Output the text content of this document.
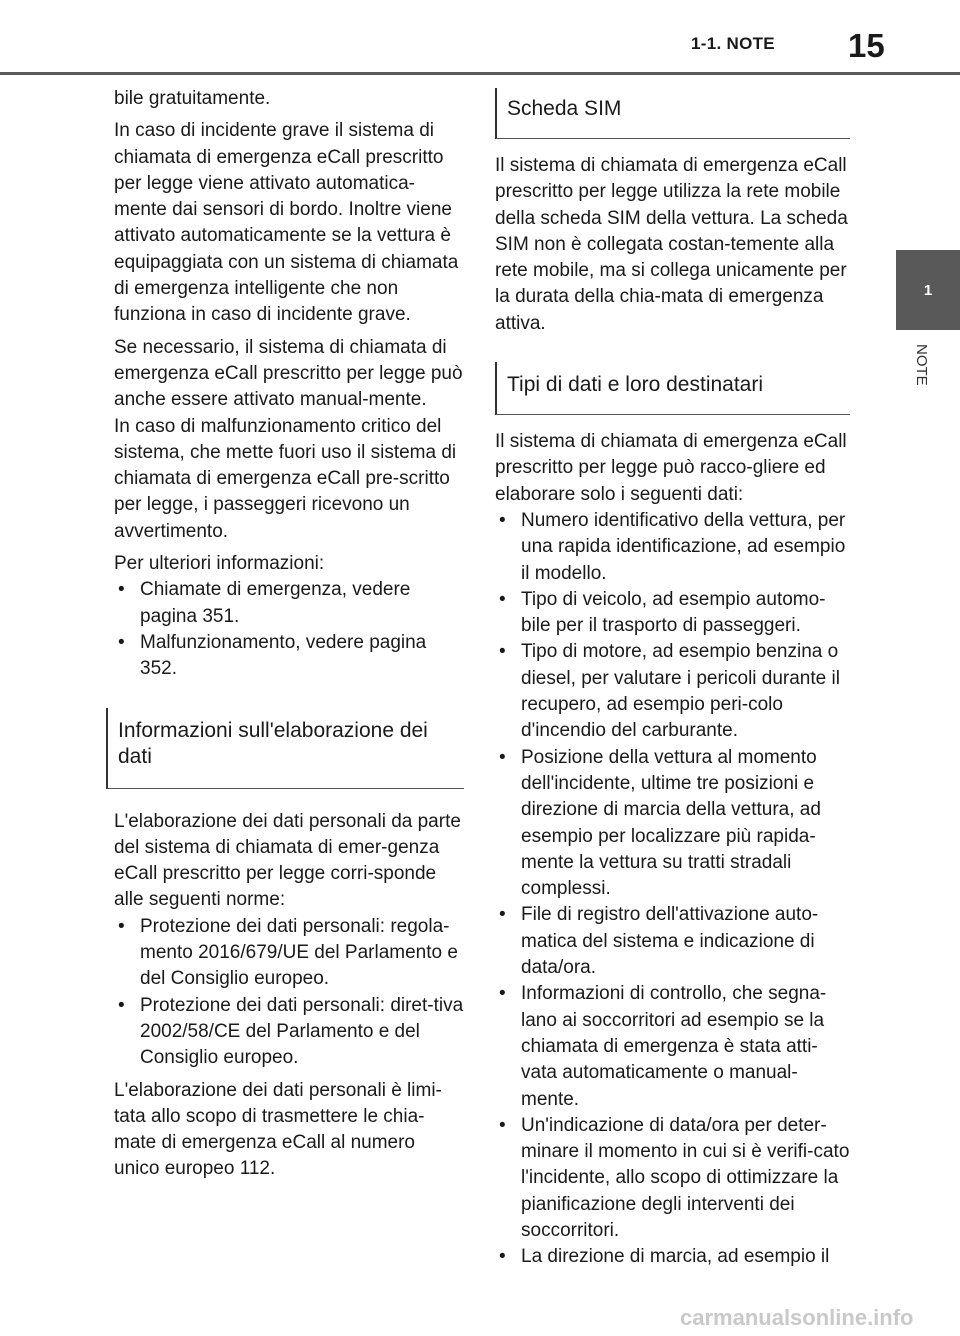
1-1. NOTE 15
1
NOTE

bile gratuitamente.

In caso di incidente grave il sistema di chiamata di emergenza eCall prescritto per legge viene attivato automatica-mente dai sensori di bordo. Inoltre viene attivato automaticamente se la vettura è equipaggiata con un sistema di chiamata di emergenza intelligente che non funziona in caso di incidente grave.

Se necessario, il sistema di chiamata di emergenza eCall prescritto per legge può anche essere attivato manual-mente.

In caso di malfunzionamento critico del sistema, che mette fuori uso il sistema di chiamata di emergenza eCall pre-scritto per legge, i passeggeri ricevono un avvertimento.

Per ulteriori informazioni:

• Chiamate di emergenza, vedere pagina 351.
• Malfunzionamento, vedere pagina 352.
Informazioni sull'elaborazione dei dati

L'elaborazione dei dati personali da parte del sistema di chiamata di emer-genza eCall prescritto per legge corri-sponde alle seguenti norme:

• Protezione dei dati personali: regola-mento 2016/679/UE del Parlamento e del Consiglio europeo.
• Protezione dei dati personali: diret-tiva 2002/58/CE del Parlamento e del Consiglio europeo.

L'elaborazione dei dati personali è limi-tata allo scopo di trasmettere le chia-mate di emergenza eCall al numero unico europeo 112.

Scheda SIM

Il sistema di chiamata di emergenza eCall prescritto per legge utilizza la rete mobile della scheda SIM della vettura. La scheda SIM non è collegata costan-temente alla rete mobile, ma si collega unicamente per la durata della chia-mata di emergenza attiva.

Tipi di dati e loro destinatari

Il sistema di chiamata di emergenza eCall prescritto per legge può racco-gliere ed elaborare solo i seguenti dati:

• Numero identificativo della vettura, per una rapida identificazione, ad esempio il modello.
• Tipo di veicolo, ad esempio automo-bile per il trasporto di passeggeri.
• Tipo di motore, ad esempio benzina o diesel, per valutare i pericoli durante il recupero, ad esempio peri-colo d'incendio del carburante.
• Posizione della vettura al momento dell'incidente, ultime tre posizioni e direzione di marcia della vettura, ad esempio per localizzare più rapida-mente la vettura su tratti stradali complessi.
• File di registro dell'attivazione auto-matica del sistema e indicazione di data/ora.
• Informazioni di controllo, che segna-lano ai soccorritori ad esempio se la chiamata di emergenza è stata atti-vata automaticamente o manual-mente.
• Un'indicazione di data/ora per deter-minare il momento in cui si è verifi-cato l'incidente, allo scopo di ottimizzare la pianificazione degli interventi dei soccorritori.
• La direzione di marcia, ad esempio il
carmanualsonline.info
